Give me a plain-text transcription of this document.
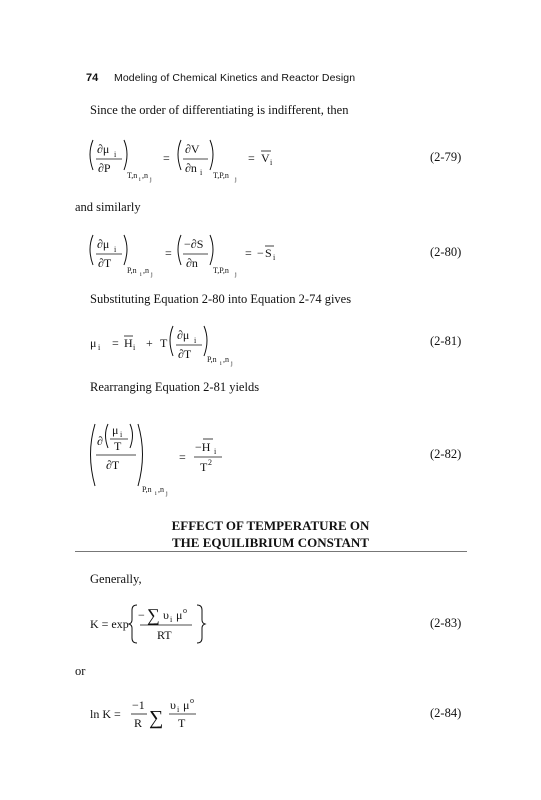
74 Modeling of Chemical Kinetics and Reactor Design
Since the order of differentiating is indifferent, then
∂μ i
∂P
T,n i ,n j
=
∂V
∂n i T,P,n j
= V i	(2-79)
and similarly
∂μ i
∂T
P,n i ,n j
=
−∂S
∂n
T,P,n j
= − S i	(2-80)
Substituting Equation 2-80 into Equation 2-74 gives
μ i = H i + T
∂μ i
∂T P,n i ,n j
(2-81)
Rearranging Equation 2-81 yields
∂
μ i
T
∂T
P,n i ,n j
=
−H i
T 2
(2-82)
EFFECT OF TEMPERATURE ON
THE EQUILIBRIUM CONSTANT
Generally,
K = exp
− ∑ υ i μ o
RT
(2-83)
or
ln K =
−1
R ∑
υ i μ o
T
(2-84)
